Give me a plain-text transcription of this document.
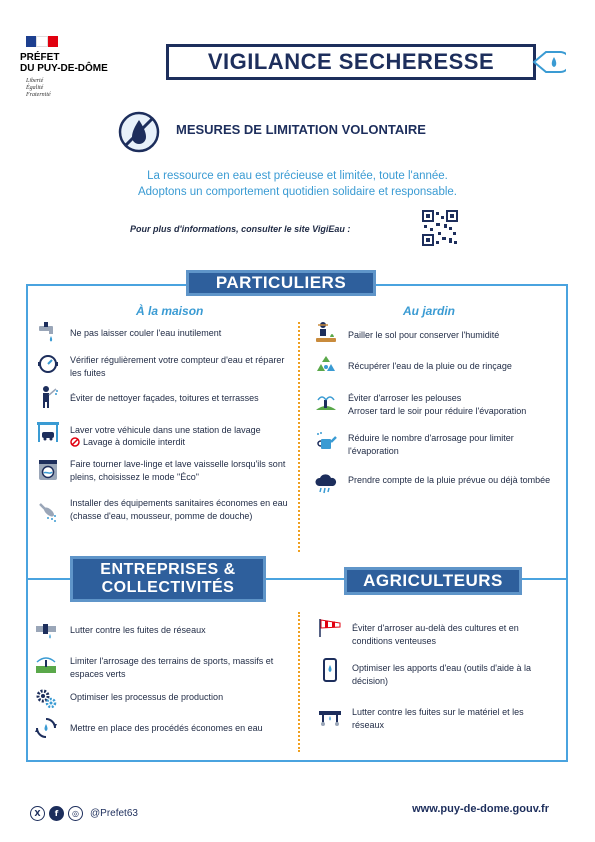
PRÉFET
DU PUY-DE-DÔME
Liberté
Égalité
Fraternité
VIGILANCE SECHERESSE
MESURES DE LIMITATION VOLONTAIRE
La ressource en eau est précieuse et limitée, toute l'année.
Adoptons un comportement quotidien solidaire et responsable.
Pour plus d'informations, consulter le site VigiEau :
PARTICULIERS
À la maison	Au jardin
Ne pas laisser couler l'eau inutilement
Vérifier régulièrement votre compteur d'eau et réparer les fuites
Éviter de nettoyer façades, toitures et terrasses
Laver votre véhicule dans une station de lavage
Lavage à domicile interdit
Faire tourner lave-linge et lave vaisselle lorsqu'ils sont pleins, choisissez le mode "Éco"
Installer des équipements sanitaires économes en eau (chasse d'eau, mousseur, pomme de douche)
Pailler le sol pour conserver l'humidité
Récupérer l'eau de la pluie ou de rinçage
Éviter d'arroser les pelouses
Arroser tard le soir pour réduire l'évaporation
Réduire le nombre d'arrosage pour limiter l'évaporation
Prendre compte de la pluie prévue ou déjà tombée
ENTREPRISES &
COLLECTIVITÉS
Lutter contre les fuites de réseaux
Limiter l'arrosage des terrains de sports, massifs et espaces verts
Optimiser les processus de production
Mettre en place des procédés économes en eau
AGRICULTEURS
Éviter d'arroser au-delà des cultures et en conditions venteuses
Optimiser les apports d'eau (outils d'aide à la décision)
Lutter contre les fuites sur le matériel et les réseaux
X	f	◎	@Prefet63	www.puy-de-dome.gouv.fr
